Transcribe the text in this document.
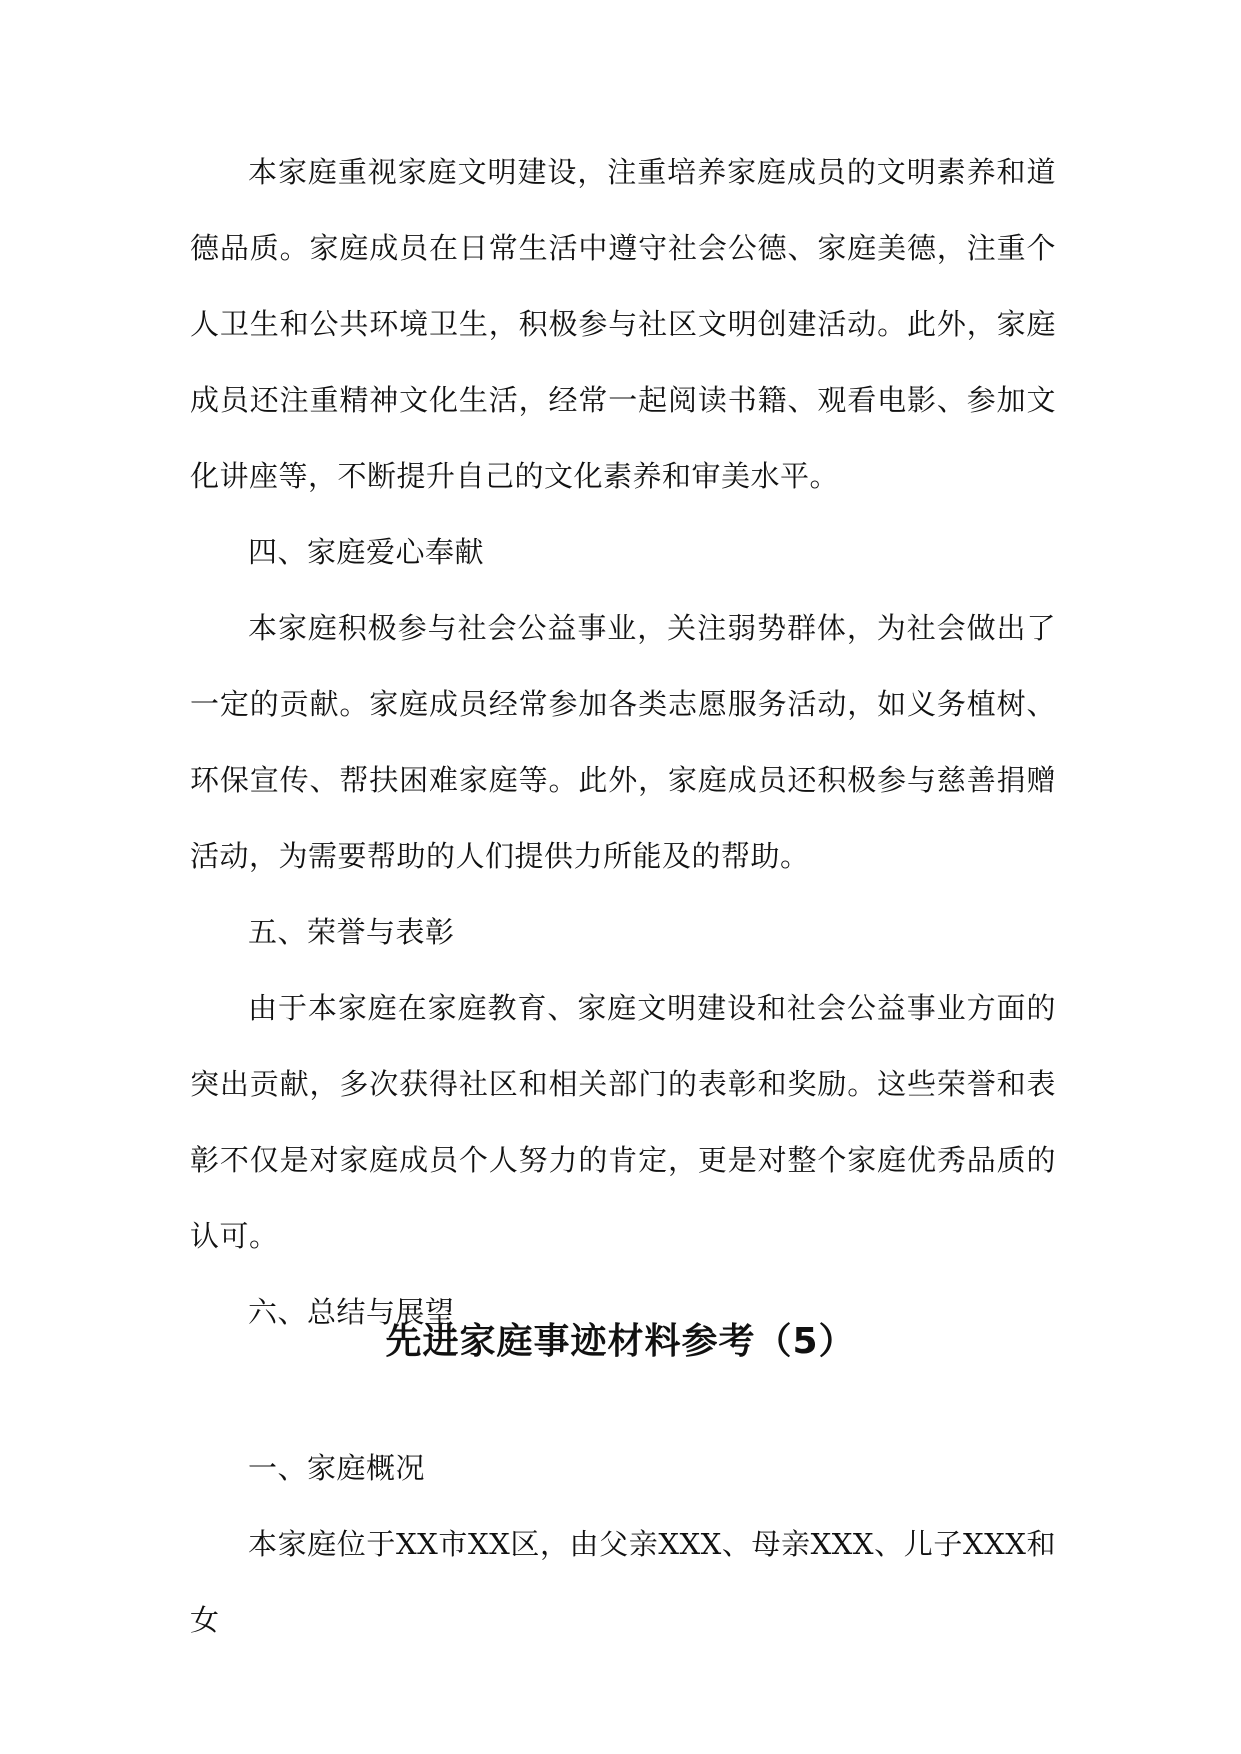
本家庭重视家庭文明建设，注重培养家庭成员的文明素养和道德品质。家庭成员在日常生活中遵守社会公德、家庭美德，注重个人卫生和公共环境卫生，积极参与社区文明创建活动。此外，家庭成员还注重精神文化生活，经常一起阅读书籍、观看电影、参加文化讲座等，不断提升自己的文化素养和审美水平。

四、家庭爱心奉献

本家庭积极参与社会公益事业，关注弱势群体，为社会做出了一定的贡献。家庭成员经常参加各类志愿服务活动，如义务植树、环保宣传、帮扶困难家庭等。此外，家庭成员还积极参与慈善捐赠活动，为需要帮助的人们提供力所能及的帮助。

五、荣誉与表彰

由于本家庭在家庭教育、家庭文明建设和社会公益事业方面的突出贡献，多次获得社区和相关部门的表彰和奖励。这些荣誉和表彰不仅是对家庭成员个人努力的肯定，更是对整个家庭优秀品质的认可。

六、总结与展望

先进家庭事迹材料参考（5）

一、家庭概况

本家庭位于XX市XX区，由父亲XXX、母亲XXX、儿子XXX和女
